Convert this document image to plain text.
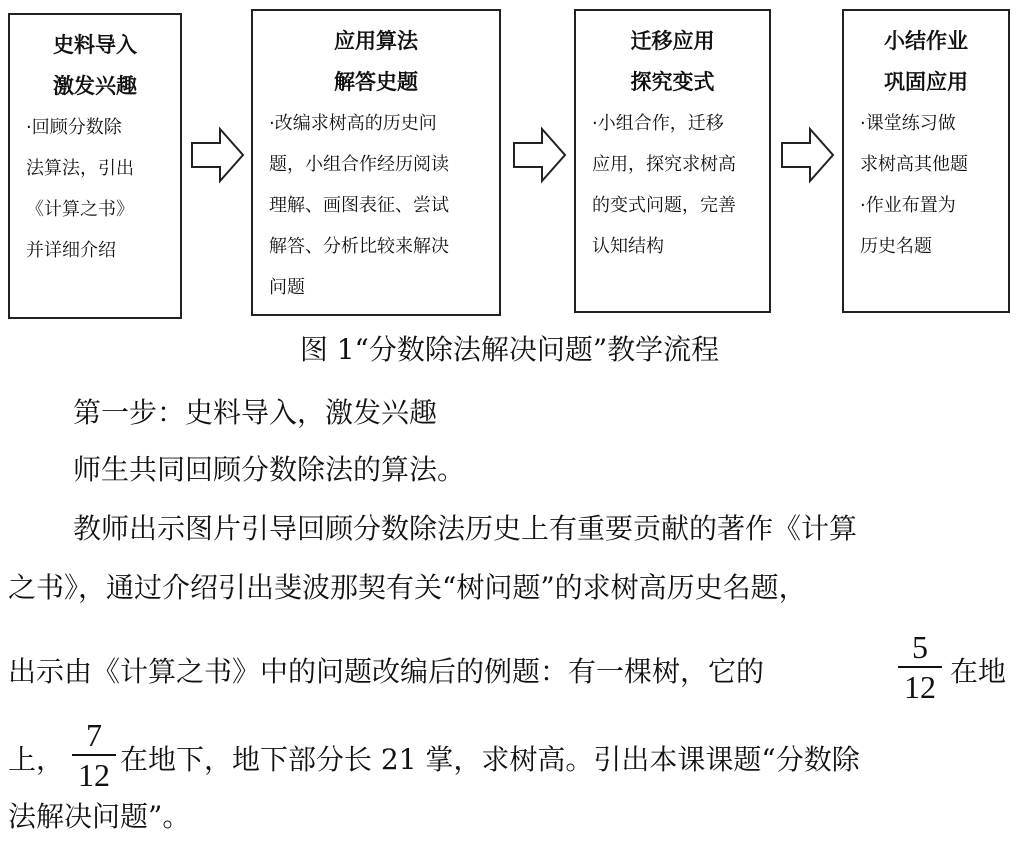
史料导入
激发兴趣
·回顾分数除
法算法，引出
《计算之书》
并详细介绍
应用算法
解答史题
·改编求树高的历史问
题，小组合作经历阅读
理解、画图表征、尝试
解答、分析比较来解决
问题
迁移应用
探究变式
·小组合作，迁移
应用，探究求树高
的变式问题，完善
认知结构
小结作业
巩固应用
·课堂练习做
求树高其他题
·作业布置为
历史名题
图 1“分数除法解决问题”教学流程
第一步：史料导入，激发兴趣
师生共同回顾分数除法的算法。
教师出示图片引导回顾分数除法历史上有重要贡献的著作《计算
之书》，通过介绍引出斐波那契有关“树问题”的求树高历史名题，
出示由《计算之书》中的问题改编后的例题：有一棵树，它的
5
12 在地
上，
7
12 在地下，地下部分长 21 掌，求树高。引出本课课题“分数除
法解决问题”。
